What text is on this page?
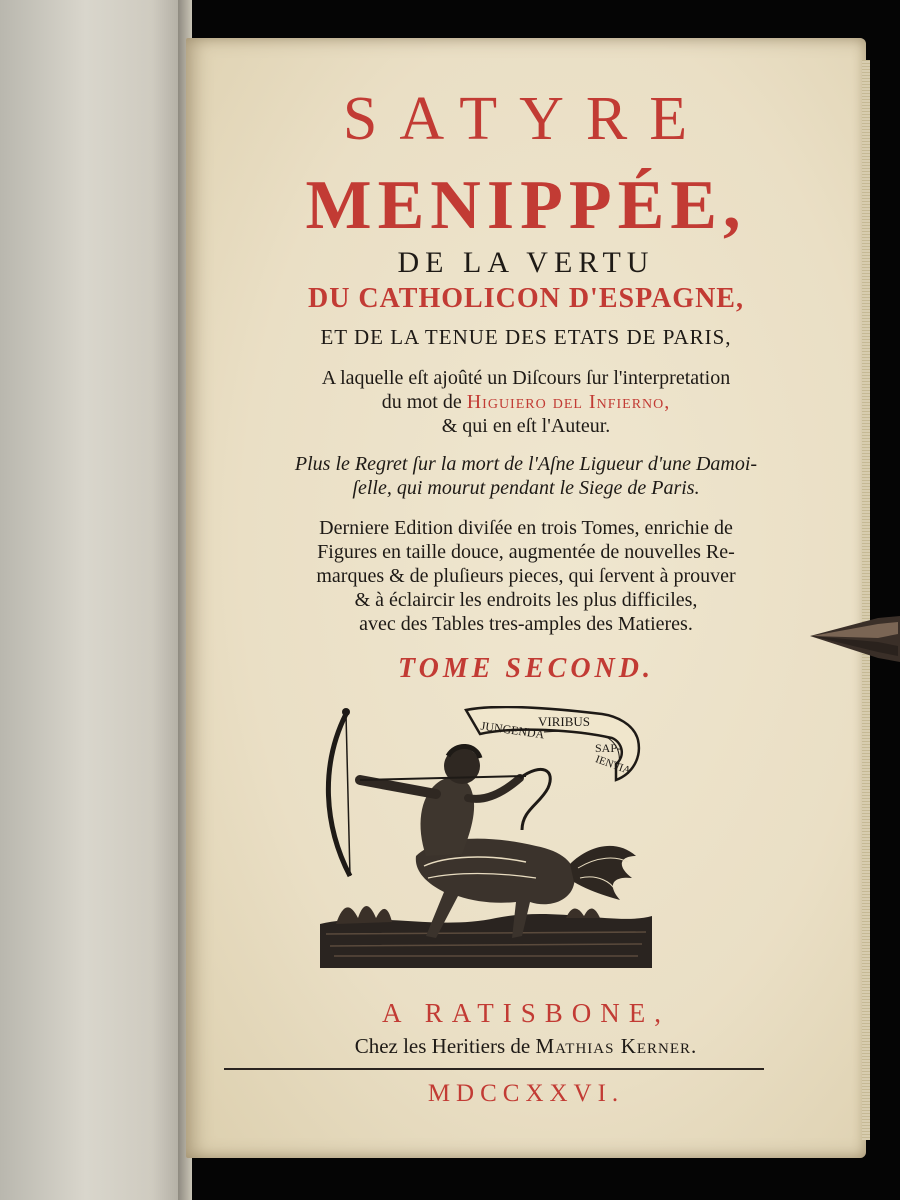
SATYRE

MENIPPÉE,

DE LA VERTU

DU CATHOLICON D'ESPAGNE,

ET DE LA TENUE DES ETATS DE PARIS,

A laquelle eſt ajoûté un Diſcours ſur l'interpretation

du mot de Higuiero del Infierno,

& qui en eſt l'Auteur.

Plus le Regret ſur la mort de l'Aſne Ligueur d'une Damoi-

ſelle, qui mourut pendant le Siege de Paris.

Derniere Edition diviſée en trois Tomes, enrichie de

Figures en taille douce, augmentée de nouvelles Re-

marques & de pluſieurs pieces, qui ſervent à prouver

& à éclaircir les endroits les plus difficiles,

avec des Tables tres-amples des Matieres.

TOME SECOND.

VIRIBUS
JUNGENDA
SAP-
IENTIA

A RATISBONE,

Chez les Heritiers de Mathias Kerner.

MDCCXXVI.
